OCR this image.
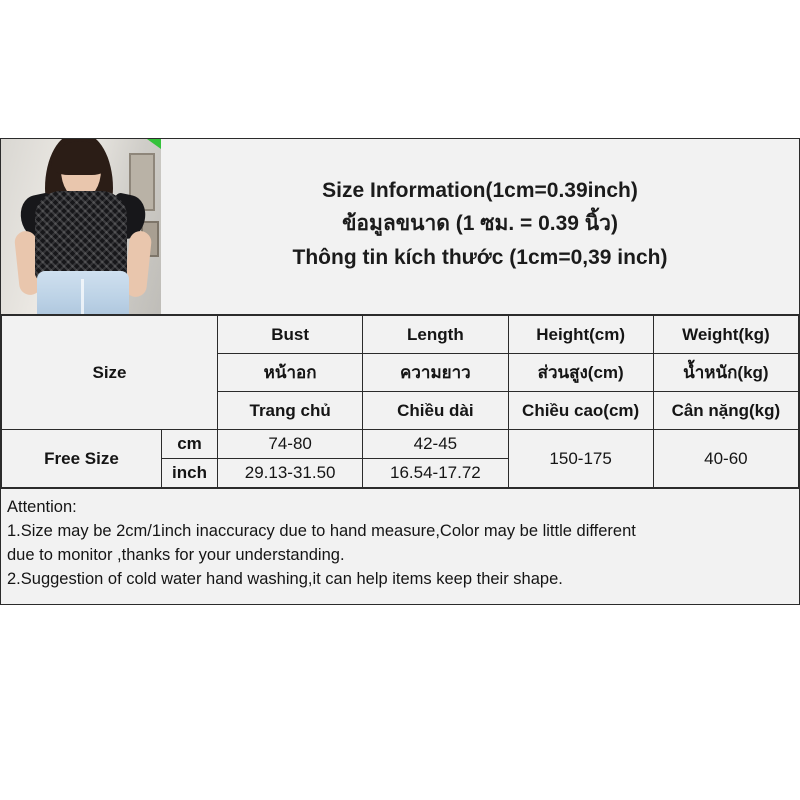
Size Information(1cm=0.39inch)
ข้อมูลขนาด (1 ซม. = 0.39 นิ้ว)
Thông tin kích thước (1cm=0,39 inch)
Size		Bust	Length	Height(cm)	Weight(kg)
		หน้าอก	ความยาว	ส่วนสูง(cm)	น้ำหนัก(kg)
		Trang chủ	Chiều dài	Chiều cao(cm)	Cân nặng(kg)
Free Size	cm	74-80	42-45	150-175	40-60
	inch	29.13-31.50	16.54-17.72		
Attention:
1.Size may be 2cm/1inch inaccuracy due to hand measure,Color may be little different
due to monitor ,thanks for your understanding.
2.Suggestion of cold water hand washing,it can help items keep their shape.
